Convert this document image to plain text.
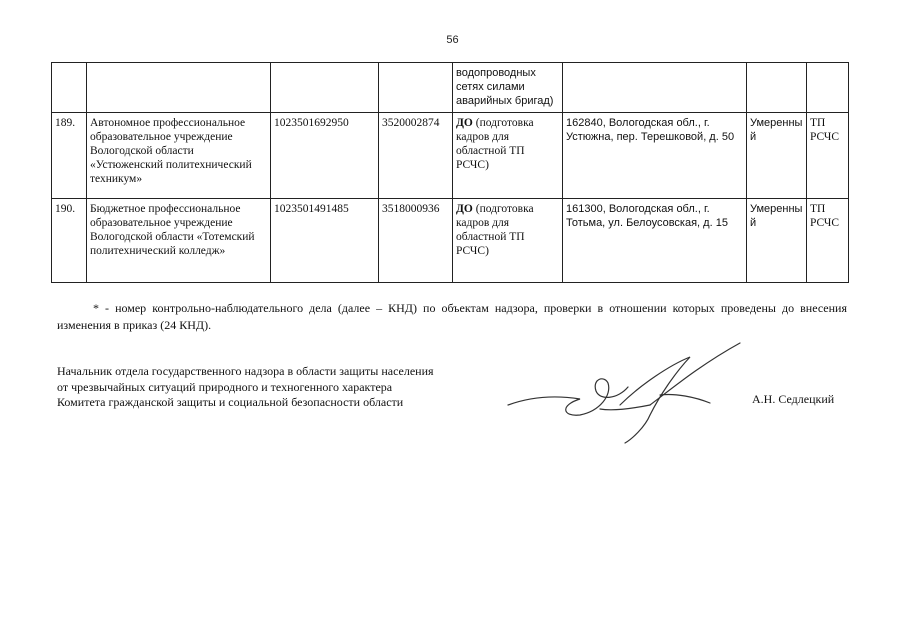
56
				водопроводных сетях силами аварийных бригад)			
189.	Автономное профессиональное образовательное учреждение Вологодской области «Устюженский политехнический техникум»	1023501692950	3520002874	ДО (подготовка кадров для областной ТП РСЧС)	162840, Вологодская обл., г. Устюжна, пер. Терешковой, д. 50	Умеренный	ТП РСЧС
190.	Бюджетное профессиональное образовательное учреждение Вологодской области «Тотемский политехнический колледж»	1023501491485	3518000936	ДО (подготовка кадров для областной ТП РСЧС)	161300, Вологодская обл., г. Тотьма, ул. Белоусовская, д. 15	Умеренный	ТП РСЧС
* - номер контрольно-наблюдательного дела (далее – КНД) по объектам надзора, проверки в отношении которых проведены до внесения изменения в приказ (24 КНД).
Начальник отдела государственного надзора в области защиты населения
от чрезвычайных ситуаций природного и техногенного характера
Комитета гражданской защиты и социальной безопасности области	А.Н. Седлецкий
